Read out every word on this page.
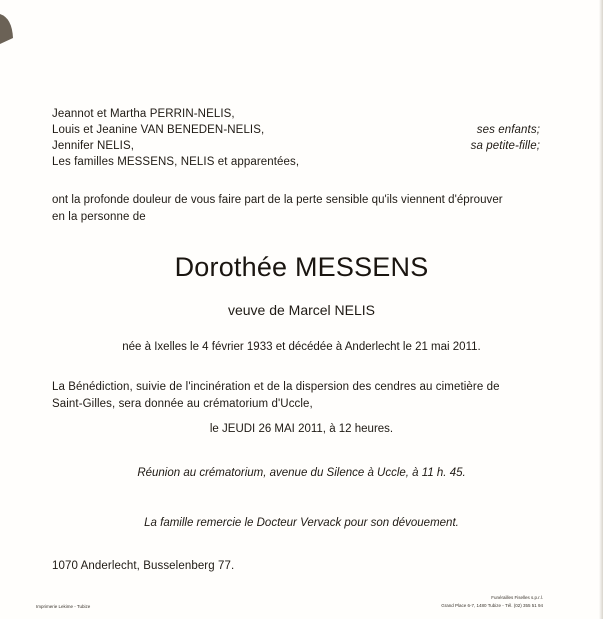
Jeannot et Martha PERRIN-NELIS,
Louis et Jeanine VAN BENEDEN-NELIS,	ses enfants;
Jennifer NELIS,	sa petite-fille;
Les familles MESSENS, NELIS et apparentées,
ont la profonde douleur de vous faire part de la perte sensible qu'ils viennent d'éprouver
en la personne de
Dorothée MESSENS
veuve de Marcel NELIS
née à Ixelles le 4 février 1933 et décédée à Anderlecht le 21 mai 2011.
La Bénédiction, suivie de l'incinération et de la dispersion des cendres au cimetière de
Saint-Gilles, sera donnée au crématorium d'Uccle,
le JEUDI 26 MAI 2011, à 12 heures.
Réunion au crématorium, avenue du Silence à Uccle, à 11 h. 45.
La famille remercie le Docteur Vervack pour son dévouement.
1070 Anderlecht, Busselenberg 77.
Imprimerie Lekime - Tubize
Funérailles Fiselles s.p.r.l.
Grand Place 6-7, 1480 Tubize - Tél. (02) 355 51 94
